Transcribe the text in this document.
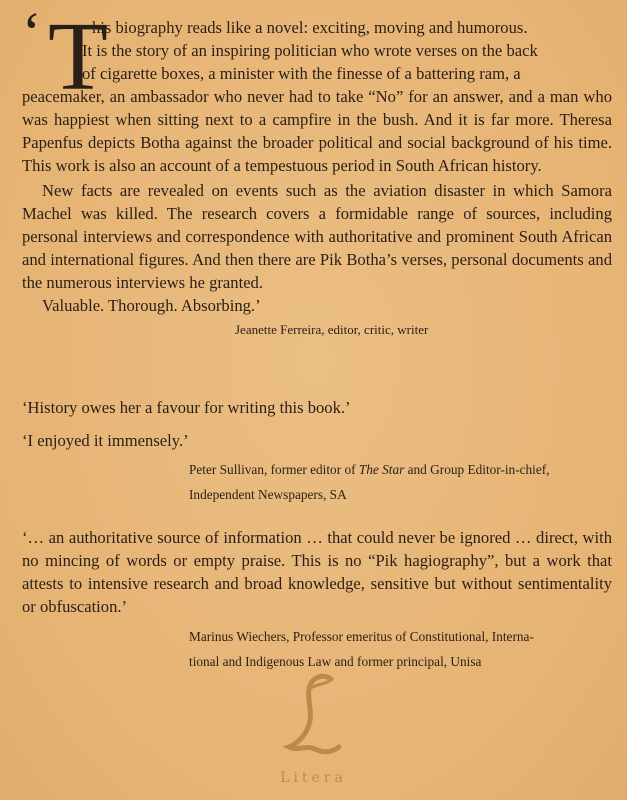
‘ T

his biography reads like a novel: exciting, moving and humorous.

It is the story of an inspiring politician who wrote verses on the back

of cigarette boxes, a minister with the finesse of a battering ram, a

peacemaker, an ambassador who never had to take “No” for an answer, and a man who was happiest when sitting next to a campfire in the bush. And it is far more. Theresa Papenfus depicts Botha against the broader political and social background of his time. This work is also an account of a tempestuous period in South African history.

New facts are revealed on events such as the aviation disaster in which Samora Machel was killed. The research covers a formidable range of sources, including personal interviews and correspondence with authoritative and prominent South African and international figures. And then there are Pik Botha’s verses, personal documents and the numerous interviews he granted.

Valuable. Thorough. Absorbing.’

Jeanette Ferreira, editor, critic, writer

‘History owes her a favour for writing this book.’

‘I enjoyed it immensely.’

Peter Sullivan, former editor of The Star and Group Editor-in-chief,
Independent Newspapers, SA

‘… an authoritative source of information … that could never be ignored … direct, with no mincing of words or empty praise. This is no “Pik hagiography”, but a work that attests to intensive research and broad knowledge, sensitive but without sentimentality or obfuscation.’

Marinus Wiechers, Professor emeritus of Constitutional, Interna-
tional and Indigenous Law and former principal, Unisa
Litera
